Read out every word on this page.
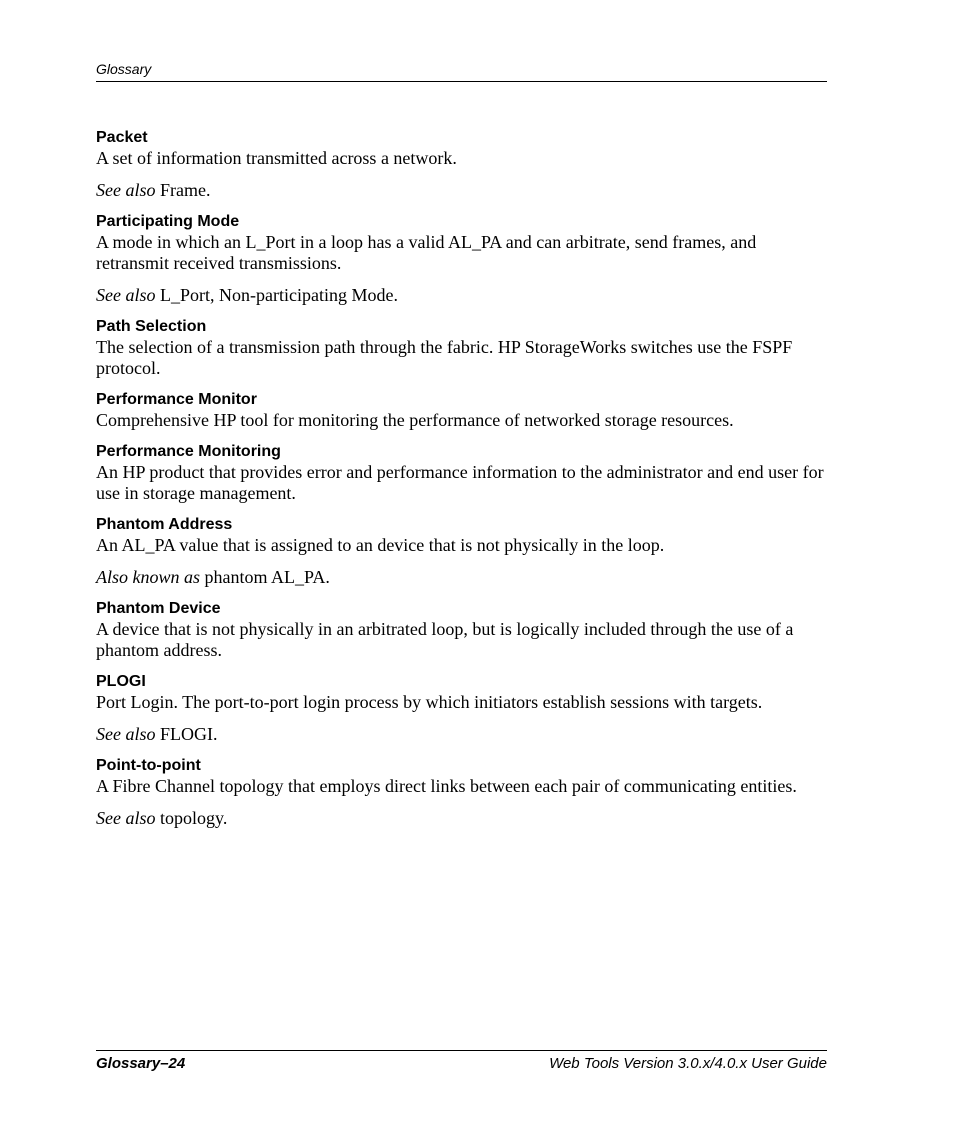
Glossary

Packet

A set of information transmitted across a network.

See also Frame.

Participating Mode

A mode in which an L_Port in a loop has a valid AL_PA and can arbitrate, send frames, and retransmit received transmissions.

See also L_Port, Non-participating Mode.

Path Selection

The selection of a transmission path through the fabric. HP StorageWorks switches use the FSPF protocol.

Performance Monitor

Comprehensive HP tool for monitoring the performance of networked storage resources.

Performance Monitoring

An HP product that provides error and performance information to the administrator and end user for use in storage management.

Phantom Address

An AL_PA value that is assigned to an device that is not physically in the loop.

Also known as phantom AL_PA.

Phantom Device

A device that is not physically in an arbitrated loop, but is logically included through the use of a phantom address.

PLOGI

Port Login. The port-to-port login process by which initiators establish sessions with targets.

See also FLOGI.

Point-to-point

A Fibre Channel topology that employs direct links between each pair of communicating entities.

See also topology.

Glossary–24	Web Tools Version 3.0.x/4.0.x User Guide
